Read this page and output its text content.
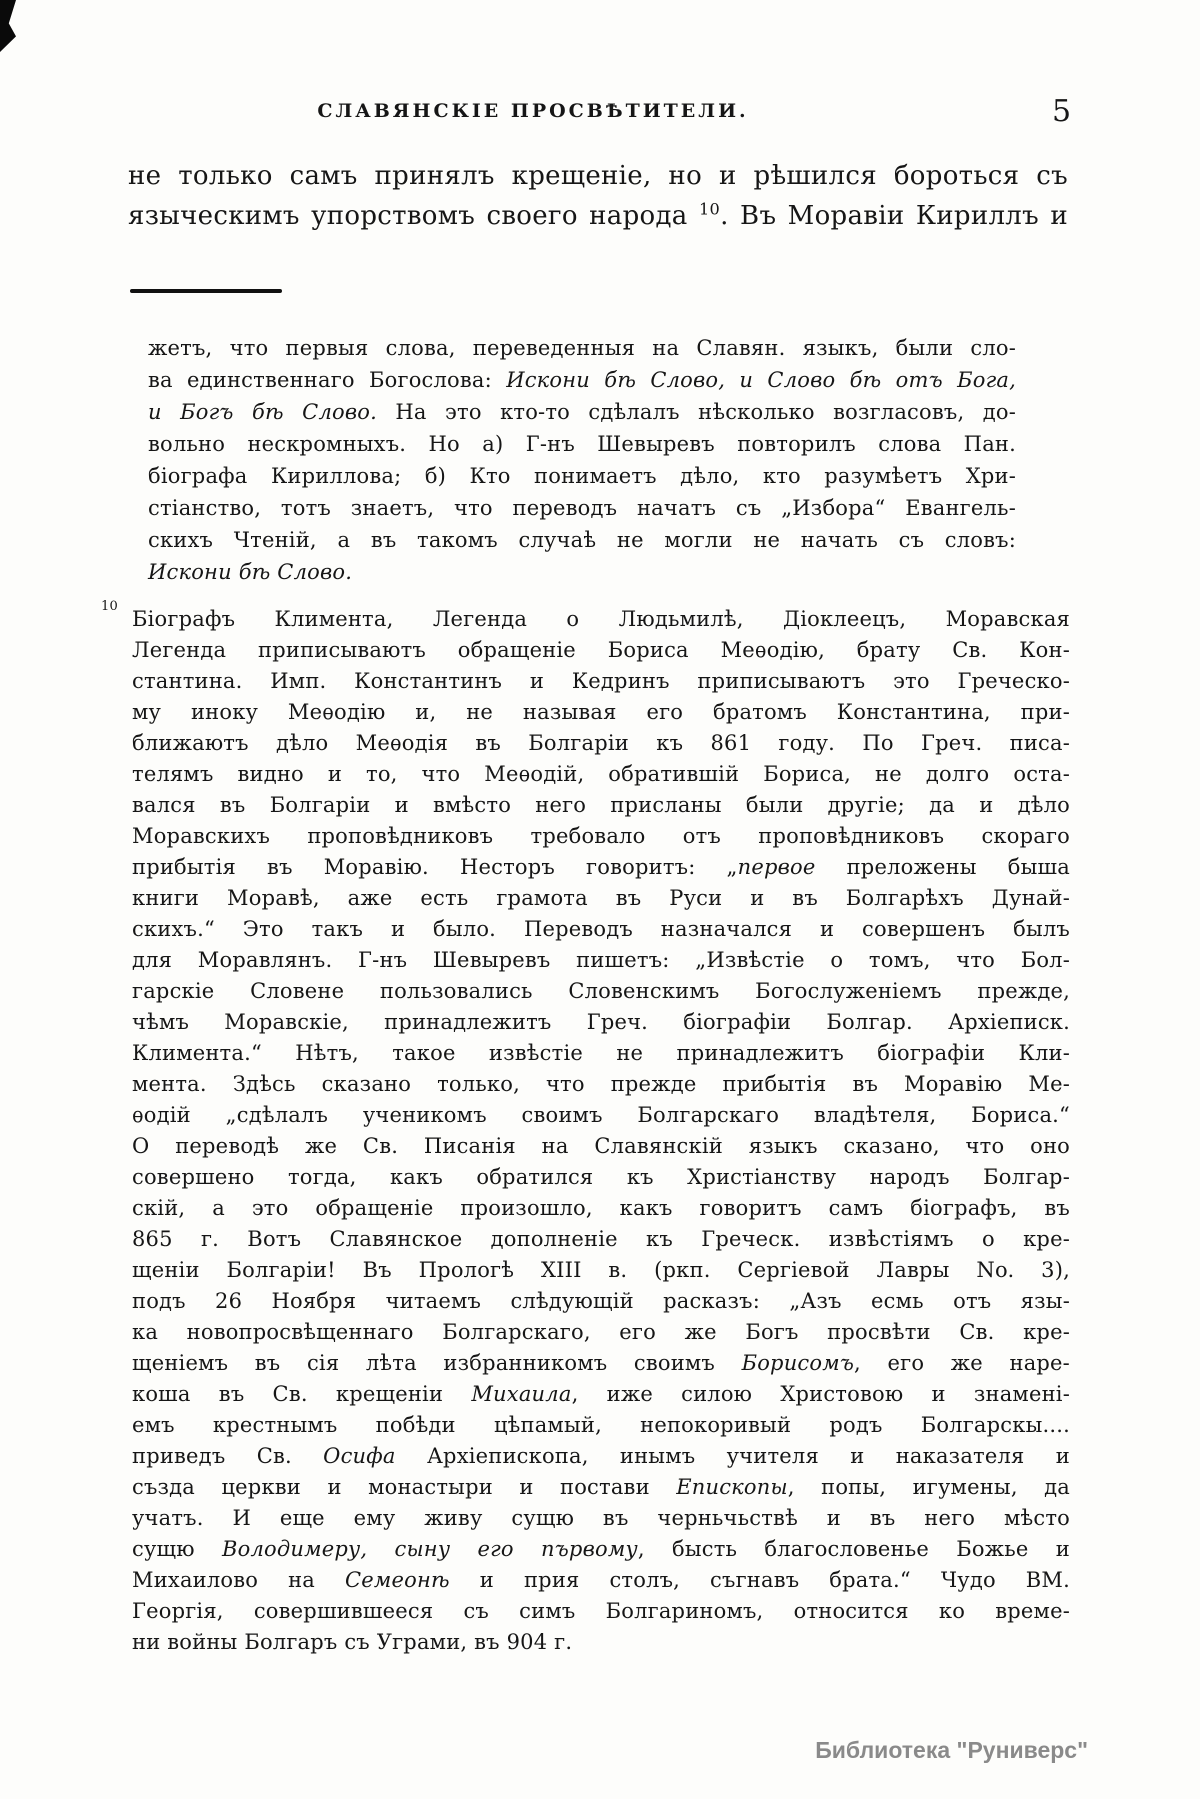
СЛАВЯНСКІЕ ПРОСВѢТИТЕЛИ.	5
не только самъ принялъ крещеніе, но и рѣшился бороться съ
языческимъ упорствомъ своего народа $^{10}$. Въ Моравіи Кириллъ и
жетъ, что первыя слова, переведенныя на Славян. языкъ, были сло-
ва единственнаго Богослова: Искони бѣ Слово, и Слово бѣ отъ Бога,
и Богъ бѣ Слово. На это кто-то сдѣлалъ нѣсколько возгласовъ, до-
вольно нескромныхъ. Но а) Г-нъ Шевыревъ повторилъ слова Пан.
біографа Кириллова; б) Кто понимаетъ дѣло, кто разумѣетъ Хри-
стіанство, тотъ знаетъ, что переводъ начатъ съ „Избора“ Евангель-
скихъ Чтеній, а въ такомъ случаѣ не могли не начать съ словъ:
Искони бѣ Слово.
10
Біографъ Климента, Легенда о Людьмилѣ, Діоклеецъ, Моравская
Легенда приписываютъ обращеніе Бориса Меѳодію, брату Св. Кон-
стантина. Имп. Константинъ и Кедринъ приписываютъ это Греческо-
му иноку Меѳодію и, не называя его братомъ Константина, при-
ближаютъ дѣло Меѳодія въ Болгаріи къ 861 году. По Греч. писа-
телямъ видно и то, что Меѳодій, обратившій Бориса, не долго оста-
вался въ Болгаріи и вмѣсто него присланы были другіе; да и дѣло
Моравскихъ проповѣдниковъ требовало отъ проповѣдниковъ скораго
прибытія въ Моравію. Несторъ говоритъ: „первое преложены быша
книги Моравѣ, аже есть грамота въ Руси и въ Болгарѣхъ Дунай-
скихъ.“ Это такъ и было. Переводъ назначался и совершенъ былъ
для Моравлянъ. Г-нъ Шевыревъ пишетъ: „Извѣстіе о томъ, что Бол-
гарскіе Словене пользовались Словенскимъ Богослуженіемъ прежде,
чѣмъ Моравскіе, принадлежитъ Греч. біографіи Болгар. Архіеписк.
Климента.“ Нѣтъ, такое извѣстіе не принадлежитъ біографіи Кли-
мента. Здѣсь сказано только, что прежде прибытія въ Моравію Ме-
ѳодій „сдѣлалъ ученикомъ своимъ Болгарскаго владѣтеля, Бориса.“
О переводѣ же Св. Писанія на Славянскій языкъ сказано, что оно
совершено тогда, какъ обратился къ Христіанству народъ Болгар-
скій, а это обращеніе произошло, какъ говоритъ самъ біографъ, въ
865 г. Вотъ Славянское дополненіе къ Греческ. извѣстіямъ о кре-
щеніи Болгаріи! Въ Прологѣ XIII в. (ркп. Сергіевой Лавры No. 3),
подъ 26 Ноября читаемъ слѣдующій расказъ: „Азъ есмь отъ язы-
ка новопросвѣщеннаго Болгарскаго, его же Богъ просвѣти Св. кре-
щеніемъ въ сія лѣта избранникомъ своимъ Борисомъ, его же наре-
коша въ Св. крещеніи Михаила, иже силою Христовою и знамені-
емъ крестнымъ побѣди цѣпамый, непокоривый родъ Болгарскы....
приведъ Св. Осифа Архіепископа, инымъ учителя и наказателя и
създа церкви и монастыри и постави Епископы, попы, игумены, да
учатъ. И еще ему живу сущю въ черньчьствѣ и въ него мѣсто
сущю Володимеру, сыну его първому, бысть благословенье Божье и
Михаилово на Семеонѣ и прия столъ, съгнавъ брата.“ Чудо ВМ.
Георгія, совершившееся съ симъ Болгариномъ, относится ко време-
ни войны Болгаръ съ Уграми, въ 904 г.
Библиотека "Руниверс"
